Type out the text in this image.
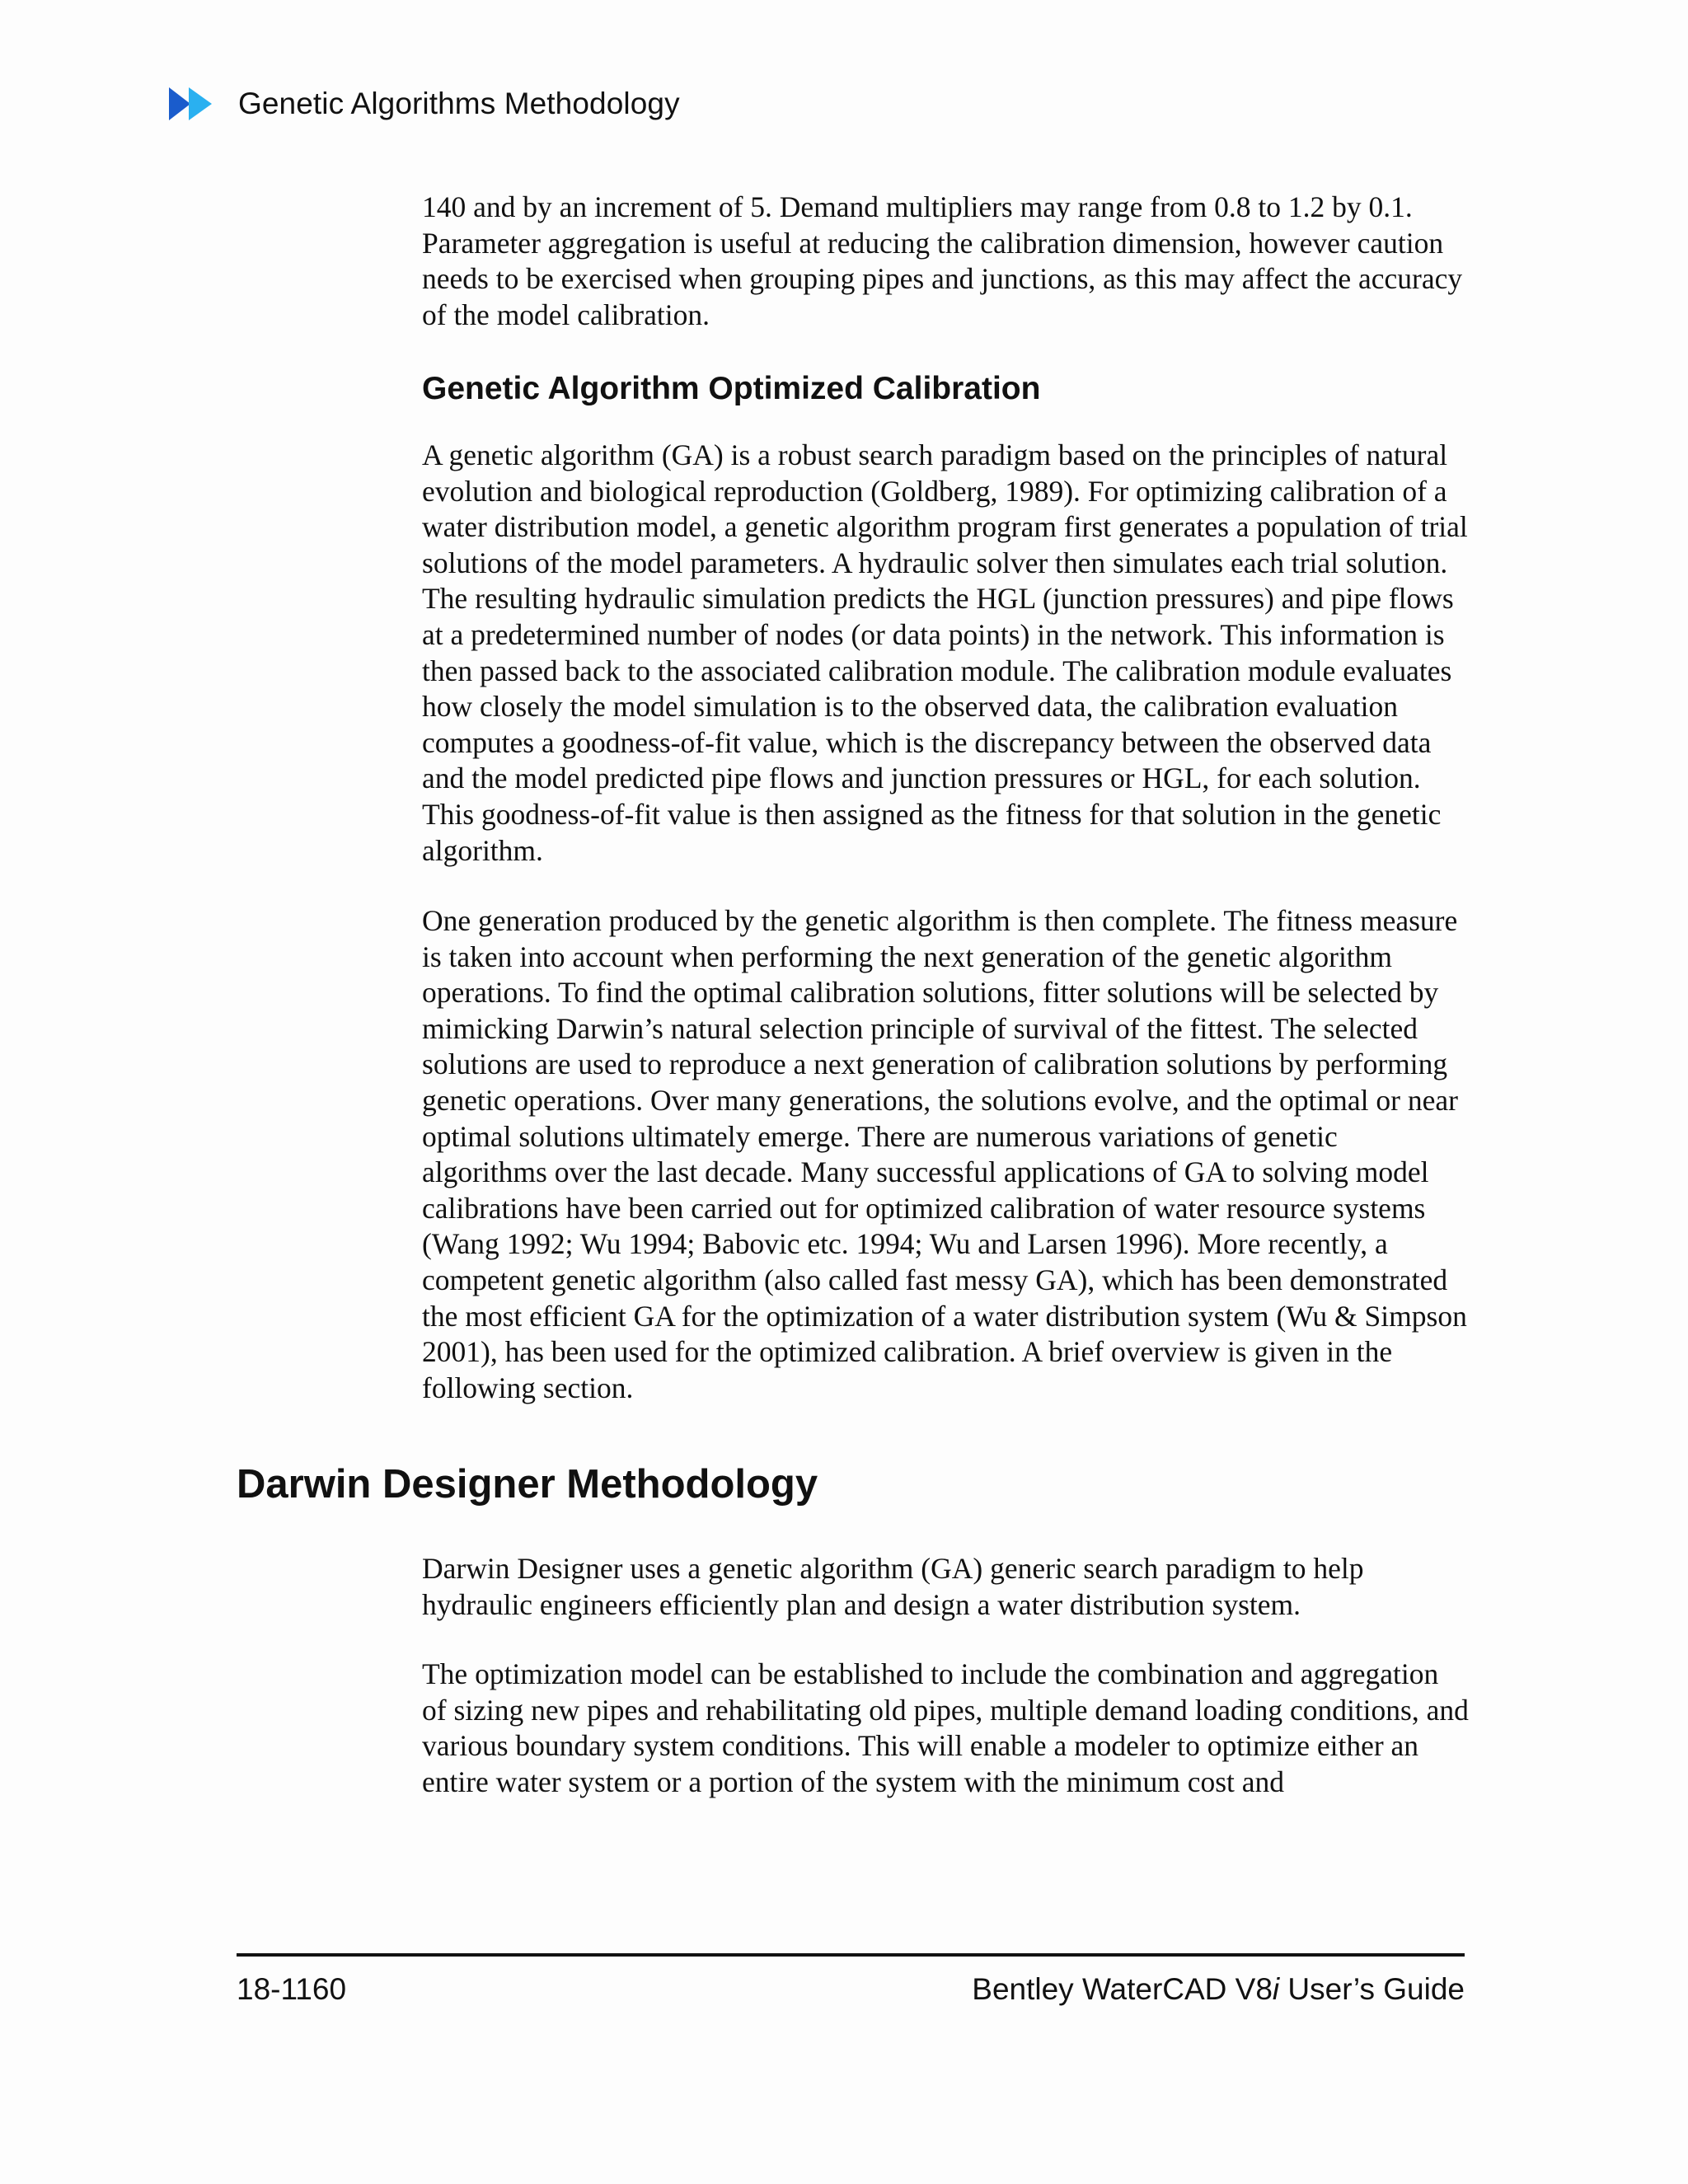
Genetic Algorithms Methodology

140 and by an increment of 5. Demand multipliers may range from 0.8 to 1.2 by 0.1. Parameter aggregation is useful at reducing the calibration dimension, however caution needs to be exercised when grouping pipes and junctions, as this may affect the accuracy of the model calibration.

Genetic Algorithm Optimized Calibration

A genetic algorithm (GA) is a robust search paradigm based on the principles of natural evolution and biological reproduction (Goldberg, 1989). For optimizing calibration of a water distribution model, a genetic algorithm program first generates a population of trial solutions of the model parameters. A hydraulic solver then simulates each trial solution. The resulting hydraulic simulation predicts the HGL (junction pressures) and pipe flows at a predetermined number of nodes (or data points) in the network. This information is then passed back to the associated calibration module. The calibration module evaluates how closely the model simulation is to the observed data, the calibration evaluation computes a goodness-of-fit value, which is the discrepancy between the observed data and the model predicted pipe flows and junction pressures or HGL, for each solution. This goodness-of-fit value is then assigned as the fitness for that solution in the genetic algorithm.

One generation produced by the genetic algorithm is then complete. The fitness measure is taken into account when performing the next generation of the genetic algorithm operations. To find the optimal calibration solutions, fitter solutions will be selected by mimicking Darwin’s natural selection principle of survival of the fittest. The selected solutions are used to reproduce a next generation of calibration solutions by performing genetic operations. Over many generations, the solutions evolve, and the optimal or near optimal solutions ultimately emerge. There are numerous variations of genetic algorithms over the last decade. Many successful applications of GA to solving model calibrations have been carried out for optimized calibration of water resource systems (Wang 1992; Wu 1994; Babovic etc. 1994; Wu and Larsen 1996). More recently, a competent genetic algorithm (also called fast messy GA), which has been demonstrated the most efficient GA for the optimization of a water distribution system (Wu & Simpson 2001), has been used for the optimized calibration. A brief overview is given in the following section.

Darwin Designer Methodology

Darwin Designer uses a genetic algorithm (GA) generic search paradigm to help hydraulic engineers efficiently plan and design a water distribution system.

The optimization model can be established to include the combination and aggregation of sizing new pipes and rehabilitating old pipes, multiple demand loading conditions, and various boundary system conditions. This will enable a modeler to optimize either an entire water system or a portion of the system with the minimum cost and

18-1160	Bentley WaterCAD V8i User’s Guide
